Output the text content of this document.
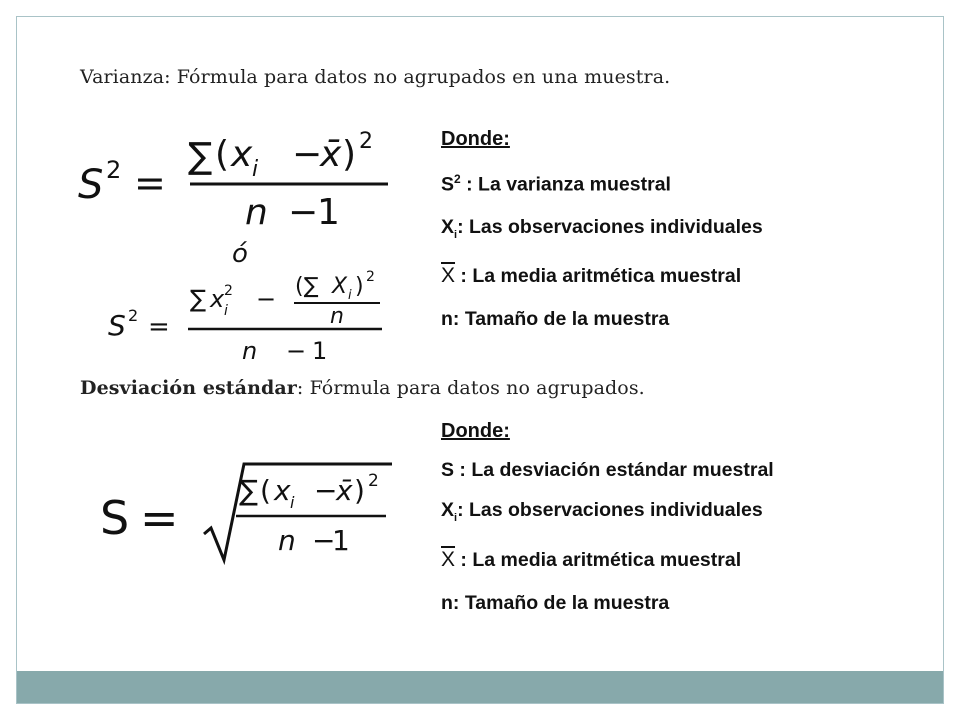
Varianza: Fórmula para datos no agrupados en una muestra.
S 2 =
∑ ( x i −
x̄ ) 2
n −
1
ó
S 2 =
∑ x 2
i − (∑ X i ) 2
n
n − 1
Donde:
$S^2$ : La varianza muestral
$X_i$: Las observaciones individuales
$\overline{X}$ : La media aritmética muestral
n: Tamaño de la muestra
Desviación estándar: Fórmula para datos no agrupados.
S =
∑ ( x i −
x̄ ) 2
n −
1
Donde:
S : La desviación estándar muestral
$X_i$: Las observaciones individuales
$\overline{X}$ : La media aritmética muestral
n: Tamaño de la muestra
